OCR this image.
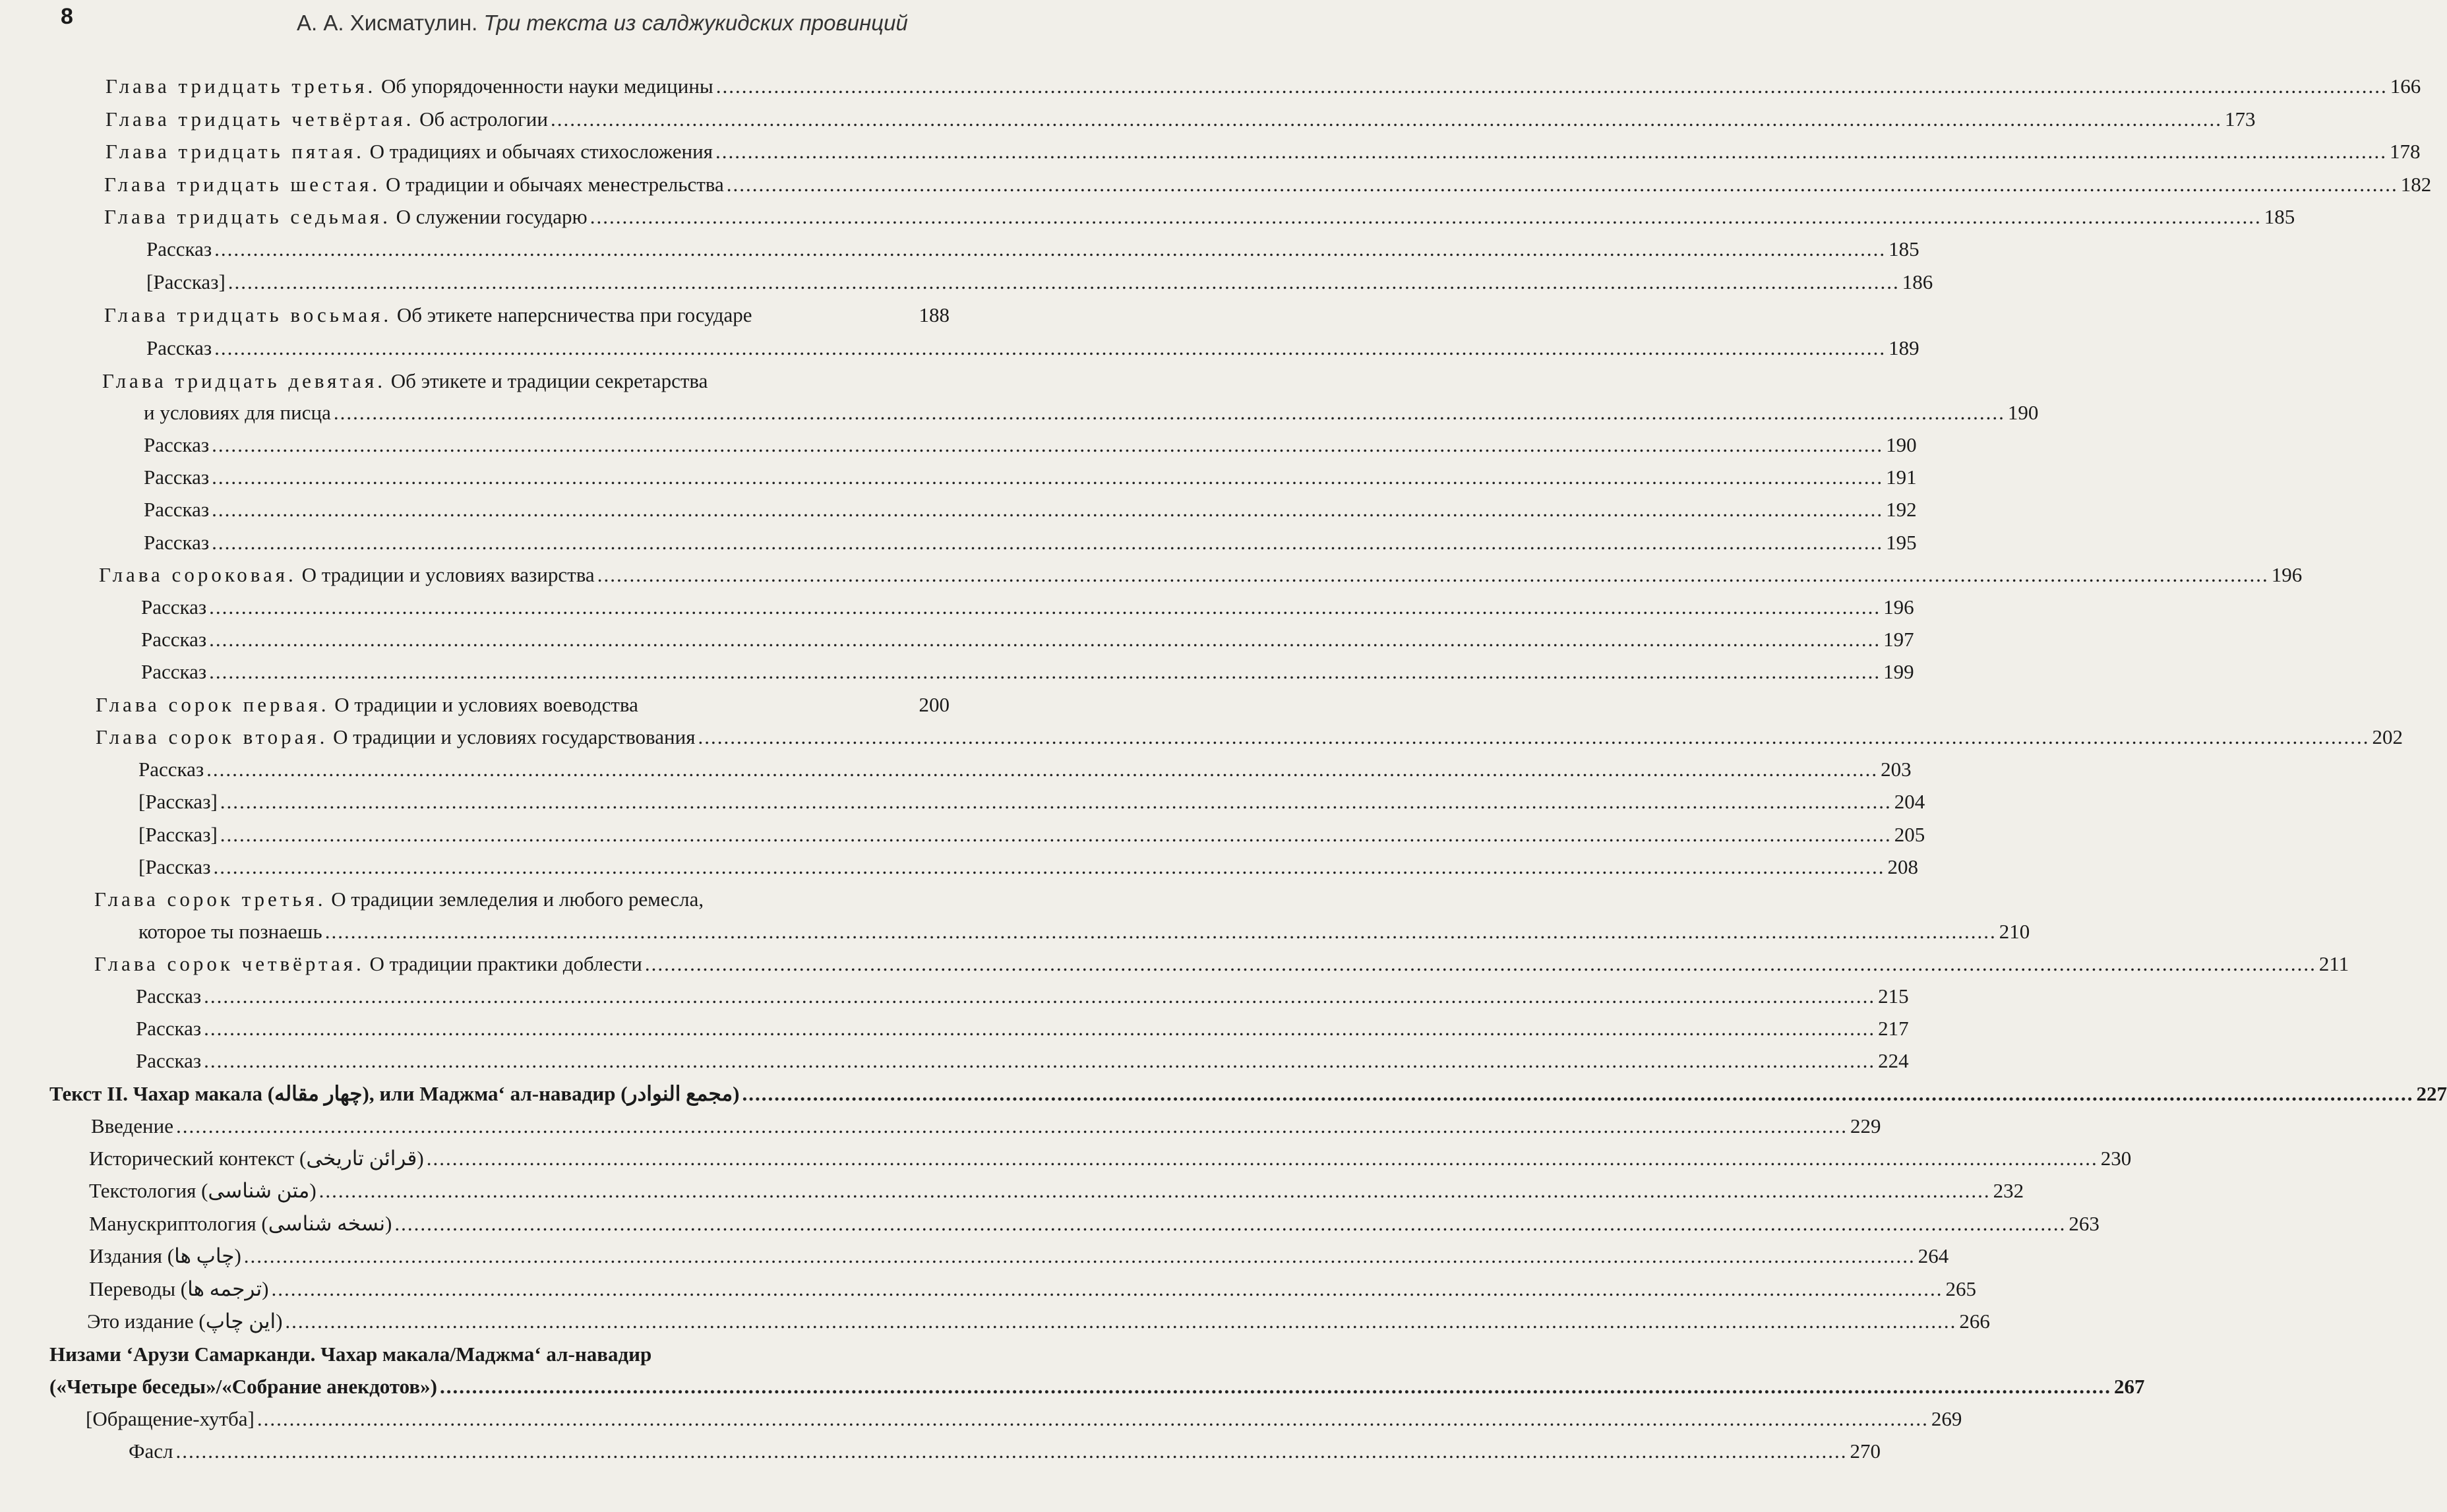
8	А. А. Хисматулин. Три текста из салджукидских провинций
Глава тридцать третья. Об упорядоченности науки медицины .................................................................................................................................................................................................................................................................... 166
Глава тридцать четвёртая. Об астрологии .................................................................................................................................................................................................................................................................... 173
Глава тридцать пятая. О традициях и обычаях стихосложения .................................................................................................................................................................................................................................................................... 178
Глава тридцать шестая. О традиции и обычаях менестрельства .................................................................................................................................................................................................................................................................... 182
Глава тридцать седьмая. О служении государю .................................................................................................................................................................................................................................................................... 185
Рассказ .................................................................................................................................................................................................................................................................... 185
[Рассказ] .................................................................................................................................................................................................................................................................... 186
Глава тридцать восьмая. Об этикете наперсничества при государе	188
Рассказ .................................................................................................................................................................................................................................................................... 189
Глава тридцать девятая. Об этикете и традиции секретарства
и условиях для писца .................................................................................................................................................................................................................................................................... 190
Рассказ .................................................................................................................................................................................................................................................................... 190
Рассказ .................................................................................................................................................................................................................................................................... 191
Рассказ .................................................................................................................................................................................................................................................................... 192
Рассказ .................................................................................................................................................................................................................................................................... 195
Глава сороковая. О традиции и условиях вазирства .................................................................................................................................................................................................................................................................... 196
Рассказ .................................................................................................................................................................................................................................................................... 196
Рассказ .................................................................................................................................................................................................................................................................... 197
Рассказ .................................................................................................................................................................................................................................................................... 199
Глава сорок первая. О традиции и условиях воеводства	200
Глава сорок вторая. О традиции и условиях государствования .................................................................................................................................................................................................................................................................... 202
Рассказ .................................................................................................................................................................................................................................................................... 203
[Рассказ] .................................................................................................................................................................................................................................................................... 204
[Рассказ] .................................................................................................................................................................................................................................................................... 205
[Рассказ .................................................................................................................................................................................................................................................................... 208
Глава сорок третья. О традиции земледелия и любого ремесла,
которое ты познаешь .................................................................................................................................................................................................................................................................... 210
Глава сорок четвёртая. О традиции практики доблести .................................................................................................................................................................................................................................................................... 211
Рассказ .................................................................................................................................................................................................................................................................... 215
Рассказ .................................................................................................................................................................................................................................................................... 217
Рассказ .................................................................................................................................................................................................................................................................... 224
Текст II. Чахар макала (چهار مقاله), или Маджма‘ ал-навадир (مجمع النوادر) .................................................................................................................................................................................................................................................................... 227
Введение .................................................................................................................................................................................................................................................................... 229
Исторический контекст (قرائن تاریخی) .................................................................................................................................................................................................................................................................... 230
Текстология (متن شناسی) .................................................................................................................................................................................................................................................................... 232
Манускриптология (نسخه شناسی) .................................................................................................................................................................................................................................................................... 263
Издания (چاپ ها) .................................................................................................................................................................................................................................................................... 264
Переводы (ترجمه ها) .................................................................................................................................................................................................................................................................... 265
Это издание (این چاپ) .................................................................................................................................................................................................................................................................... 266
Низами ‘Арузи Самарканди. Чахар макала/Маджма‘ ал-навадир
(«Четыре беседы»/«Собрание анекдотов») .................................................................................................................................................................................................................................................................... 267
[Обращение-хутба] .................................................................................................................................................................................................................................................................... 269
Фасл .................................................................................................................................................................................................................................................................... 270
